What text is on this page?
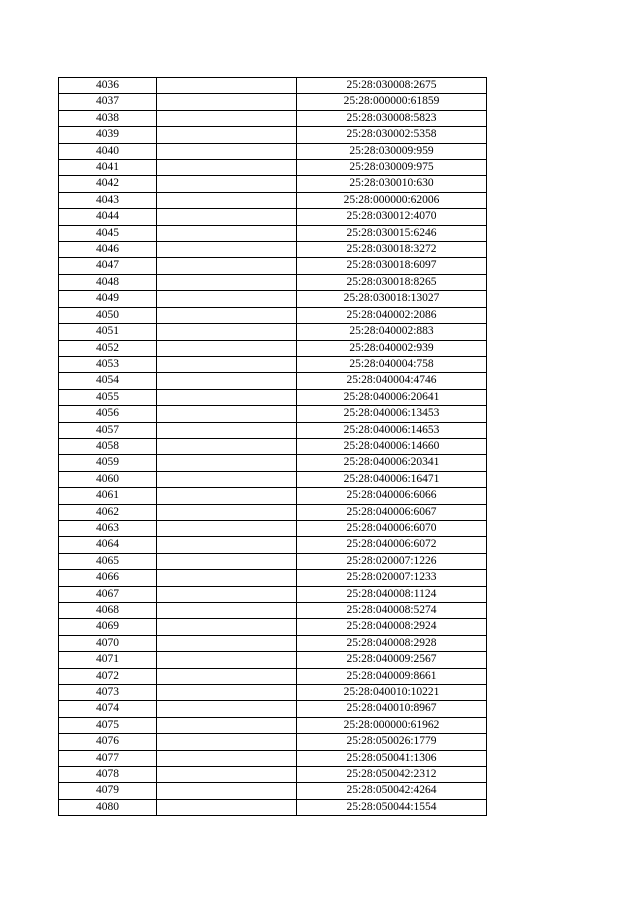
4036		25:28:030008:2675
4037		25:28:000000:61859
4038		25:28:030008:5823
4039		25:28:030002:5358
4040		25:28:030009:959
4041		25:28:030009:975
4042		25:28:030010:630
4043		25:28:000000:62006
4044		25:28:030012:4070
4045		25:28:030015:6246
4046		25:28:030018:3272
4047		25:28:030018:6097
4048		25:28:030018:8265
4049		25:28:030018:13027
4050		25:28:040002:2086
4051		25:28:040002:883
4052		25:28:040002:939
4053		25:28:040004:758
4054		25:28:040004:4746
4055		25:28:040006:20641
4056		25:28:040006:13453
4057		25:28:040006:14653
4058		25:28:040006:14660
4059		25:28:040006:20341
4060		25:28:040006:16471
4061		25:28:040006:6066
4062		25:28:040006:6067
4063		25:28:040006:6070
4064		25:28:040006:6072
4065		25:28:020007:1226
4066		25:28:020007:1233
4067		25:28:040008:1124
4068		25:28:040008:5274
4069		25:28:040008:2924
4070		25:28:040008:2928
4071		25:28:040009:2567
4072		25:28:040009:8661
4073		25:28:040010:10221
4074		25:28:040010:8967
4075		25:28:000000:61962
4076		25:28:050026:1779
4077		25:28:050041:1306
4078		25:28:050042:2312
4079		25:28:050042:4264
4080		25:28:050044:1554
